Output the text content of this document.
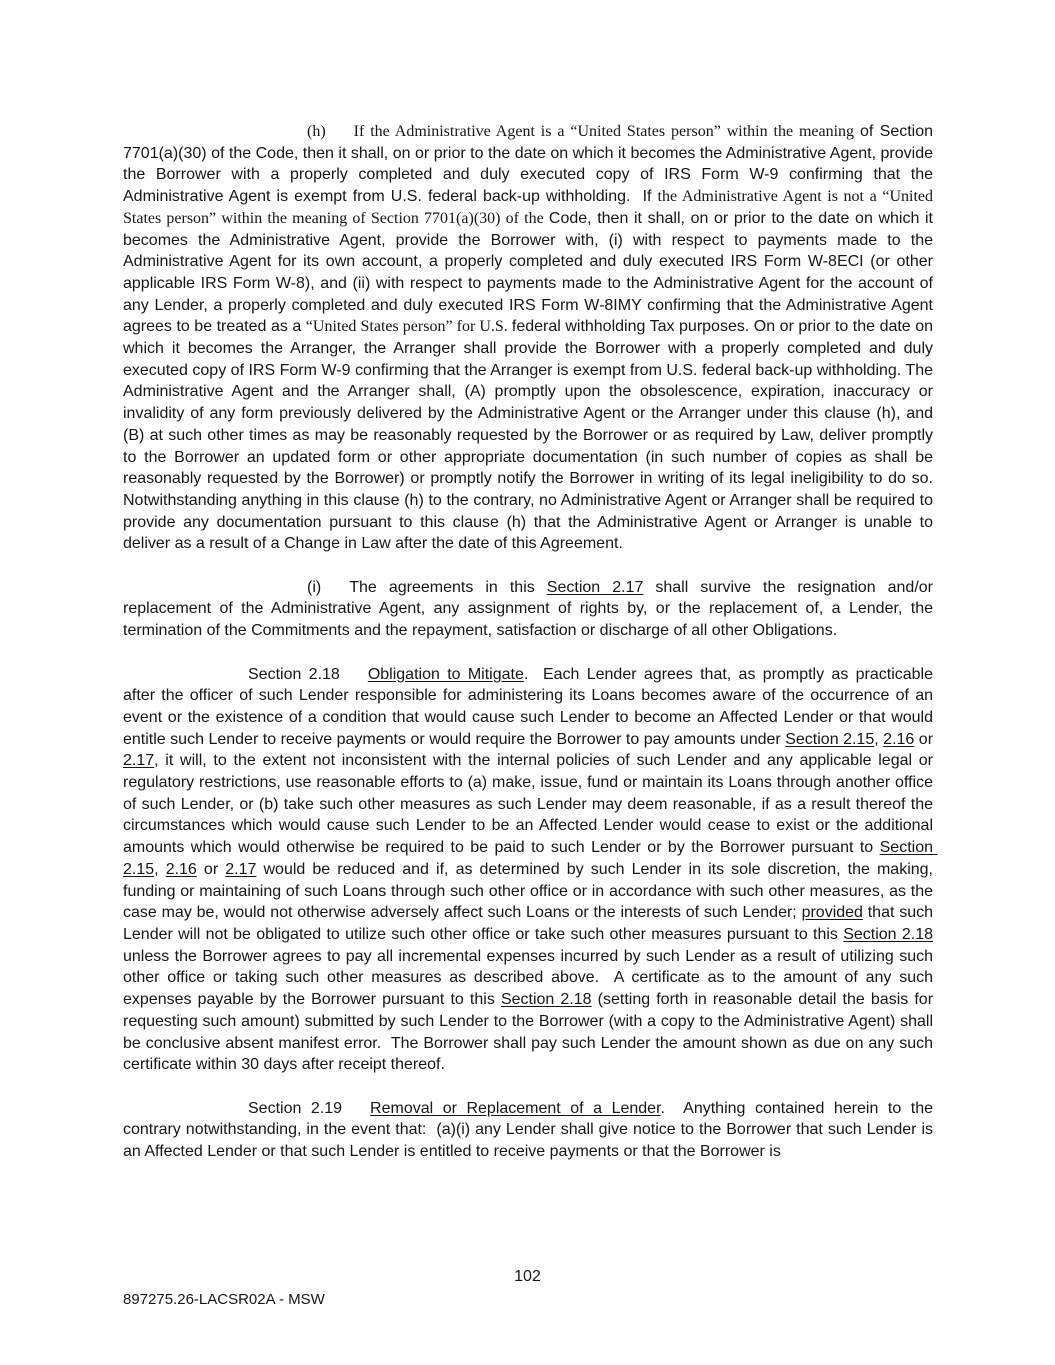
(h) If the Administrative Agent is a “United States person” within the meaning of Section 7701(a)(30) of the Code, then it shall, on or prior to the date on which it becomes the Administrative Agent, provide the Borrower with a properly completed and duly executed copy of IRS Form W-9 confirming that the Administrative Agent is exempt from U.S. federal back-up withholding.  If the Administrative Agent is not a “United States person” within the meaning of Section 7701(a)(30) of the Code, then it shall, on or prior to the date on which it becomes the Administrative Agent, provide the Borrower with, (i) with respect to payments made to the Administrative Agent for its own account, a properly completed and duly executed IRS Form W-8ECI (or other applicable IRS Form W-8), and (ii) with respect to payments made to the Administrative Agent for the account of any Lender, a properly completed and duly executed IRS Form W-8IMY confirming that the Administrative Agent agrees to be treated as a “United States person” for U.S. federal withholding Tax purposes. On or prior to the date on which it becomes the Arranger, the Arranger shall provide the Borrower with a properly completed and duly executed copy of IRS Form W-9 confirming that the Arranger is exempt from U.S. federal back-up withholding. The Administrative Agent and the Arranger shall, (A) promptly upon the obsolescence, expiration, inaccuracy or invalidity of any form previously delivered by the Administrative Agent or the Arranger under this clause (h), and (B) at such other times as may be reasonably requested by the Borrower or as required by Law, deliver promptly to the Borrower an updated form or other appropriate documentation (in such number of copies as shall be reasonably requested by the Borrower) or promptly notify the Borrower in writing of its legal ineligibility to do so.  Notwithstanding anything in this clause (h) to the contrary, no Administrative Agent or Arranger shall be required to provide any documentation pursuant to this clause (h) that the Administrative Agent or Arranger is unable to deliver as a result of a Change in Law after the date of this Agreement.

(i) The agreements in this Section 2.17 shall survive the resignation and/or replacement of the Administrative Agent, any assignment of rights by, or the replacement of, a Lender, the termination of the Commitments and the repayment, satisfaction or discharge of all other Obligations.

Section 2.18 Obligation to Mitigate.  Each Lender agrees that, as promptly as practicable after the officer of such Lender responsible for administering its Loans becomes aware of the occurrence of an event or the existence of a condition that would cause such Lender to become an Affected Lender or that would entitle such Lender to receive payments or would require the Borrower to pay amounts under Section 2.15, 2.16 or 2.17, it will, to the extent not inconsistent with the internal policies of such Lender and any applicable legal or regulatory restrictions, use reasonable efforts to (a) make, issue, fund or maintain its Loans through another office of such Lender, or (b) take such other measures as such Lender may deem reasonable, if as a result thereof the circumstances which would cause such Lender to be an Affected Lender would cease to exist or the additional amounts which would otherwise be required to be paid to such Lender or by the Borrower pursuant to Section 2.15, 2.16 or 2.17 would be reduced and if, as determined by such Lender in its sole discretion, the making, funding or maintaining of such Loans through such other office or in accordance with such other measures, as the case may be, would not otherwise adversely affect such Loans or the interests of such Lender; provided that such Lender will not be obligated to utilize such other office or take such other measures pursuant to this Section 2.18 unless the Borrower agrees to pay all incremental expenses incurred by such Lender as a result of utilizing such other office or taking such other measures as described above.  A certificate as to the amount of any such expenses payable by the Borrower pursuant to this Section 2.18 (setting forth in reasonable detail the basis for requesting such amount) submitted by such Lender to the Borrower (with a copy to the Administrative Agent) shall be conclusive absent manifest error.  The Borrower shall pay such Lender the amount shown as due on any such certificate within 30 days after receipt thereof.

Section 2.19 Removal or Replacement of a Lender.  Anything contained herein to the contrary notwithstanding, in the event that:  (a)(i) any Lender shall give notice to the Borrower that such Lender is an Affected Lender or that such Lender is entitled to receive payments or that the Borrower is

102
897275.26-LACSR02A - MSW
